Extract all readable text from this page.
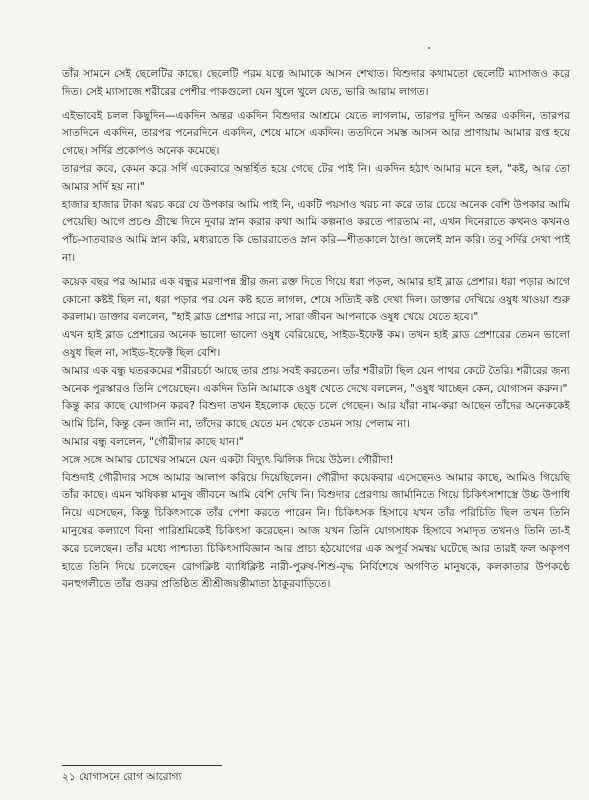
তাঁর সামনে সেই ছেলেটির কাছে। ছেলেটি পরম যত্নে আমাকে আসন শেখাত। বিশুদার কথামতো ছেলেটি ম্যাসাজও করে দিত। সেই ম্যাসাজে শরীরের পেশীর পাকগুলো যেন খুলে খুলে যেত, ভারি আরাম লাগত।

এইভাবেই চলল কিছুদিন—একদিন অন্তর একদিন বিশুদার আশ্রমে যেতে লাগলাম, তারপর দুদিন অন্তর একদিন, তারপর সাতদিনে একদিন, তারপর পনেরদিনে একদিন, শেষে মাসে একদিন। ততদিনে সমস্ত আসন আর প্রাণায়াম আমার রপ্ত হয়ে গেছে। সর্দির প্রকোপও অনেক কমেছে।

তারপর কবে, কেমন করে সর্দি একেবারে অন্তর্হিত হয়ে গেছে টের পাই নি। একদিন হঠাৎ আমার মনে হল, "কই, আর তো আমার সর্দি হয় না।"

হাজার হাজার টাকা খরচ করে যে উপকার আমি পাই নি, একটি পয়সাও খরচ না করে তার চেয়ে অনেক বেশি উপকার আমি পেয়েছি। আগে প্রচণ্ড গ্রীষ্মে দিনে দুবার স্নান করার কথা আমি কল্পনাও করতে পারতাম না, এখন দিনেরাতে কখনও কখনও পাঁচ-সাতবারও আমি স্নান করি, মধ্যরাতে কি ভোররাতেও স্নান করি—শীতকালে ঠাণ্ডা জলেই স্নান করি। তবু সর্দির দেখা পাই না।

কয়েক বছর পর আমার এক বন্ধুর মরণাপন্ন স্ত্রীর জন্য রক্ত দিতে গিয়ে ধরা পড়ল, আমার হাই ব্লাড প্রেশার। ধরা পড়ার আগে কোনো কষ্টই ছিল না, ধরা পড়ার পর যেন কষ্ট হতে লাগল, শেষে সত্যিই কষ্ট দেখা দিল। ডাক্তার দেখিয়ে ওষুধ খাওয়া শুরু করলাম। ডাক্তার বললেন, "হাই ব্লাড প্রেশার সারে না, সারা জীবন আপনাকে ওষুধ খেয়ে যেতে হবে।"

এখন হাই ব্লাড প্রেশারের অনেক ভালো ভালো ওষুধ বেরিয়েছে, সাইড-ইফেক্ট কম। তখন হাই ব্লাড প্রেশারের তেমন ভালো ওষুধ ছিল না, সাইড-ইফেক্ট ছিল বেশি।

আমার এক বন্ধু ঘতরকমের শরীরচর্চা আছে তার প্রায় সবই করতেন। তাঁর শরীরটা ছিল যেন পাথর কেটে তৈরি। শরীরের জন্য অনেক পুরস্কারও তিনি পেয়েছেন। একদিন তিনি আমাকে ওষুধ খেতে দেখে বললেন, "ওষুধ খাচ্ছেন কেন, যোগাসন করুন।"

কিন্তু কার কাছে যোগাসন করব? বিশুদা তখন ইহলোক ছেড়ে চলে গেছেন। আর যাঁরা নাম-করা আছেন তাঁদের অনেককেই আমি চিনি, কিন্তু কেন জানি না, তাঁদের কাছে যেতে মন থেকে তেমন সায় পেলাম না।

আমার বন্ধু বললেন, "গৌরীদার কাছে যান।"

সঙ্গে সঙ্গে আমার চোখের সামনে যেন একটা বিদ্যুৎ ঝিলিক দিয়ে উঠল। গৌরীদা!

বিশুদাই গৌরীদার সঙ্গে আমার আলাপ করিয়ে দিয়েছিলেন। গৌরীদা কয়েকবার এসেছেনও আমার কাছে, আমিও গিয়েছি তাঁর কাছে। এমন ঋষিকল্প মানুষ জীবনে আমি বেশি দেখি নি। বিশুদার প্রেরণায় জার্মানিতে গিয়ে চিকিৎসাশাস্ত্রে উচ্চ উপাধি নিয়ে এসেছেন, কিন্তু চিকিৎসাকে তাঁর পেশা করতে পারেন নি। চিকিৎসক হিসাবে যখন তাঁর পরিচিতি ছিল তখন তিনি মানুষের কল্যাণে বিনা পারিশ্রমিকেই চিকিৎসা করেছেন। আজ যখন তিনি যোগসাধক হিসাবে সমাদৃত তখনও তিনি তা-ই করে চলেছেন। তাঁর মধ্যে পাশ্চাত্য চিকিৎসাবিজ্ঞান আর প্রাচ্য হঠযোগের এক অপূর্ব সমন্বয় ঘটেছে আর তারই ফল অকৃপণ হাতে তিনি দিয়ে চলেছেন রোগক্লিষ্ট ব্যাধিক্লিষ্ট নারী-পুরুষ-শিশু-বৃদ্ধ নির্বিশেষে অগণিত মানুষকে, কলকাতার উপকণ্ঠে বনহুগলীতে তাঁর গুরুর প্রতিষ্ঠিত শ্রীশ্রীজয়ন্তীমাতা ঠাকুরবাড়িতে।

২১ যোগাসনে রোগ আরোগ্য
